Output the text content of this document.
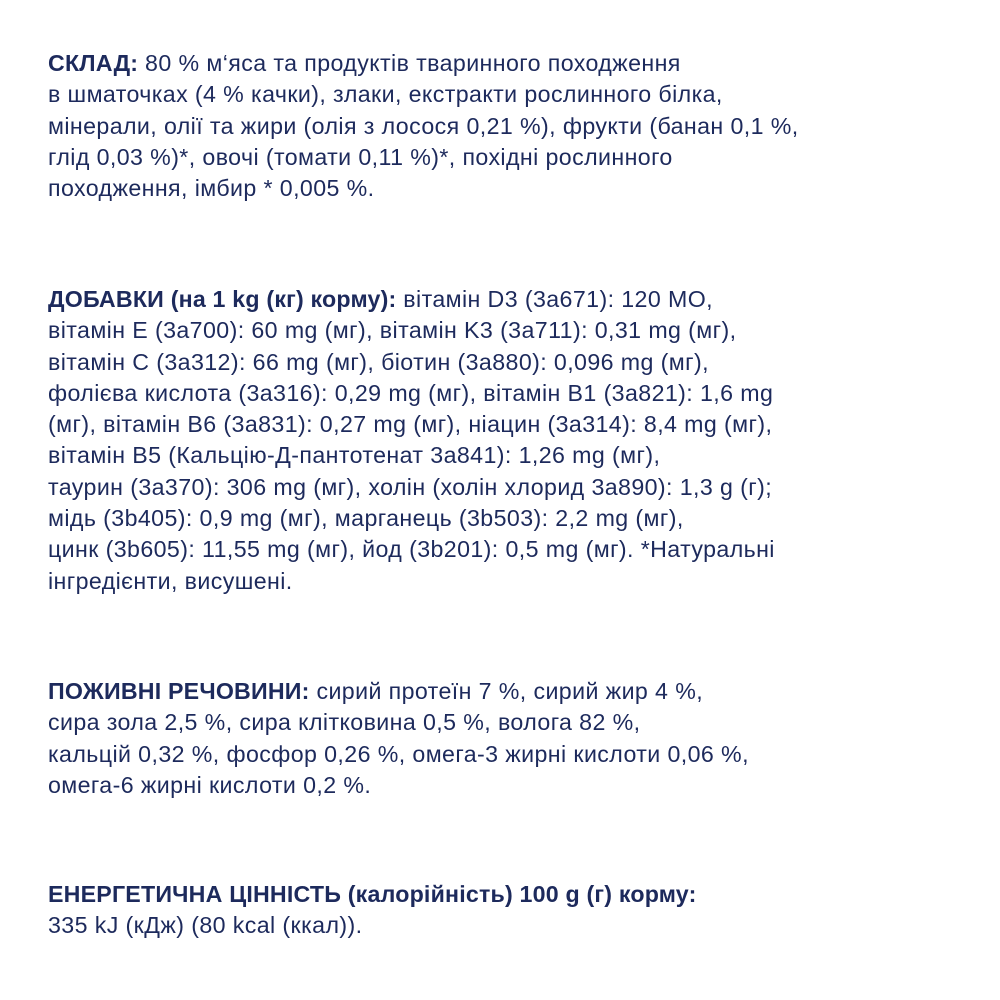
СКЛАД: 80 % м‘яса та продуктів тваринного походження
в шматочках (4 % качки), злаки, екстракти рослинного білка,
мінерали, олії та жири (олія з лосося 0,21 %), фрукти (банан 0,1 %,
глід 0,03 %)*, овочі (томати 0,11 %)*, похідні рослинного
походження, імбир * 0,005 %.
ДОБАВКИ (на 1 kg (кг) корму): вітамін D3 (3a671): 120 МО,
вітамін E (3a700): 60 mg (мг), вітамін K3 (3a711): 0,31 mg (мг),
вітамін C (3a312): 66 mg (мг), біотин (3a880): 0,096 mg (мг),
фолієва кислота (3a316): 0,29 mg (мг), вітамін B1 (3a821): 1,6 mg
(мг), вітамін B6 (3a831): 0,27 mg (мг), ніацин (3a314): 8,4 mg (мг),
вітамін B5 (Кальцію-Д-пантотенат 3a841): 1,26 mg (мг),
таурин (3a370): 306 mg (мг), холін (холін хлорид 3a890): 1,3 g (г);
мідь (3b405): 0,9 mg (мг), марганець (3b503): 2,2 mg (мг),
цинк (3b605): 11,55 mg (мг), йод (3b201): 0,5 mg (мг). *Натуральні
інгредієнти, висушені.
ПОЖИВНІ РЕЧОВИНИ: сирий протеїн 7 %, сирий жир 4 %,
сира зола 2,5 %, сира клітковина 0,5 %, волога 82 %,
кальцій 0,32 %, фосфор 0,26 %, омега-3 жирні кислоти 0,06 %,
омега-6 жирні кислоти 0,2 %.
ЕНЕРГЕТИЧНА ЦІННІСТЬ (калорійність) 100 g (г) корму:
335 kJ (кДж) (80 kcal (ккал)).
